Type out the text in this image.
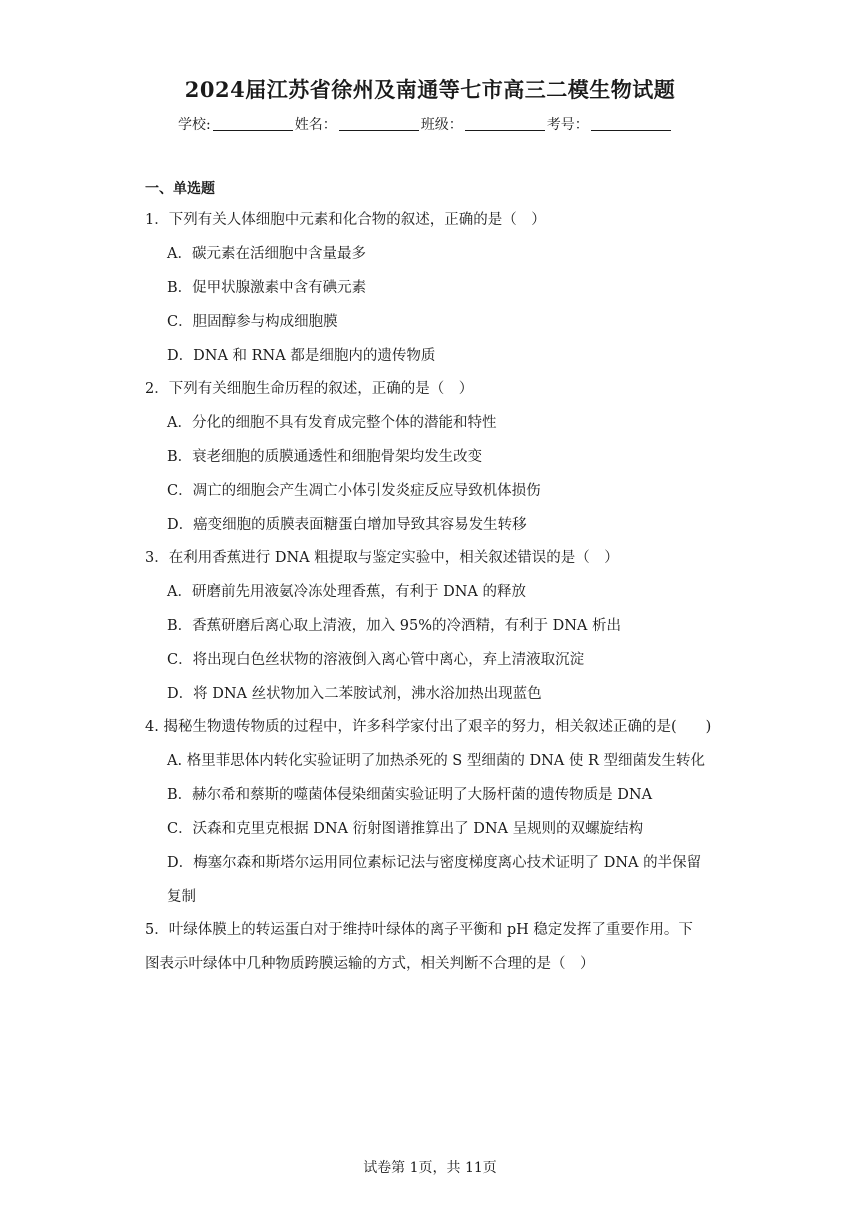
2024届江苏省徐州及南通等七市高三二模生物试题
学校:	姓名：	班级：	考号：
一、单选题
1．下列有关人体细胞中元素和化合物的叙述，正确的是（　）
A．碳元素在活细胞中含量最多
B．促甲状腺激素中含有碘元素
C．胆固醇参与构成细胞膜
D．DNA 和 RNA 都是细胞内的遗传物质
2．下列有关细胞生命历程的叙述，正确的是（　）
A．分化的细胞不具有发育成完整个体的潜能和特性
B．衰老细胞的质膜通透性和细胞骨架均发生改变
C．凋亡的细胞会产生凋亡小体引发炎症反应导致机体损伤
D．癌变细胞的质膜表面糖蛋白增加导致其容易发生转移
3．在利用香蕉进行 DNA 粗提取与鉴定实验中，相关叙述错误的是（　）
A．研磨前先用液氨冷冻处理香蕉，有利于 DNA 的释放
B．香蕉研磨后离心取上清液，加入 95%的冷酒精，有利于 DNA 析出
C．将出现白色丝状物的溶液倒入离心管中离心，弃上清液取沉淀
D．将 DNA 丝状物加入二苯胺试剂，沸水浴加热出现蓝色
4. 揭秘生物遗传物质的过程中，许多科学家付出了艰辛的努力，相关叙述正确的是(　　)
A. 格里菲思体内转化实验证明了加热杀死的 S 型细菌的 DNA 使 R 型细菌发生转化
B．赫尔希和蔡斯的噬菌体侵染细菌实验证明了大肠杆菌的遗传物质是 DNA
C．沃森和克里克根据 DNA 衍射图谱推算出了 DNA 呈规则的双螺旋结构
D．梅塞尔森和斯塔尔运用同位素标记法与密度梯度离心技术证明了 DNA 的半保留
复制
5．叶绿体膜上的转运蛋白对于维持叶绿体的离子平衡和 pH 稳定发挥了重要作用。下
图表示叶绿体中几种物质跨膜运输的方式，相关判断不合理的是（　）
试卷第 1页，共 11页
